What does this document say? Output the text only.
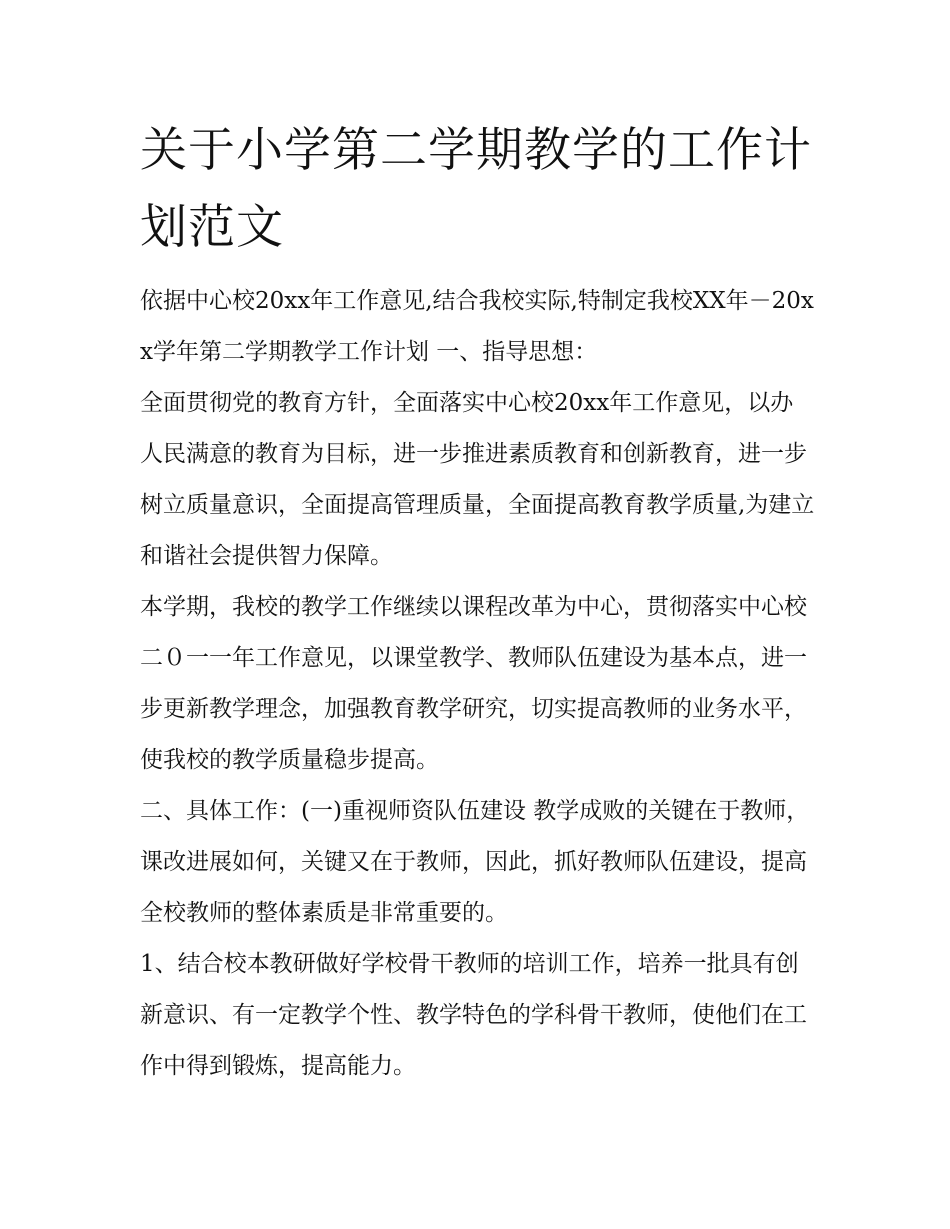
关于小学第二学期教学的工作计划范文

依据中心校20xx年工作意见,结合我校实际,特制定我校XX年－20xx学年第二学期教学工作计划 一、指导思想：

全面贯彻党的教育方针，全面落实中心校20xx年工作意见，以办人民满意的教育为目标，进一步推进素质教育和创新教育，进一步树立质量意识，全面提高管理质量，全面提高教育教学质量,为建立和谐社会提供智力保障。

本学期，我校的教学工作继续以课程改革为中心，贯彻落实中心校二０一一年工作意见，以课堂教学、教师队伍建设为基本点，进一步更新教学理念，加强教育教学研究，切实提高教师的业务水平，使我校的教学质量稳步提高。

二、具体工作：(一)重视师资队伍建设 教学成败的关键在于教师，课改进展如何，关键又在于教师，因此，抓好教师队伍建设，提高全校教师的整体素质是非常重要的。

1、结合校本教研做好学校骨干教师的培训工作，培养一批具有创新意识、有一定教学个性、教学特色的学科骨干教师，使他们在工作中得到锻炼，提高能力。
